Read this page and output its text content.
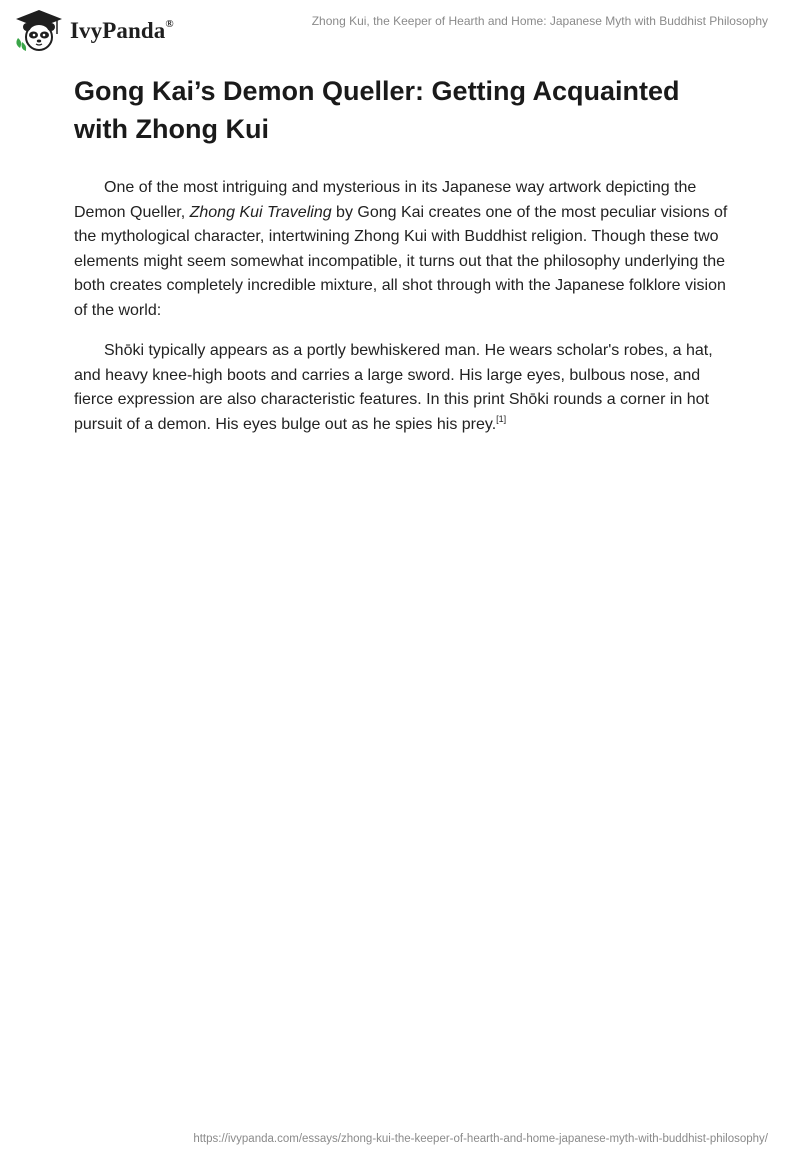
IvyPanda®	Zhong Kui, the Keeper of Hearth and Home: Japanese Myth with Buddhist Philosophy
Gong Kai’s Demon Queller: Getting Acquainted with Zhong Kui

One of the most intriguing and mysterious in its Japanese way artwork depicting the Demon Queller, Zhong Kui Traveling by Gong Kai creates one of the most peculiar visions of the mythological character, intertwining Zhong Kui with Buddhist religion. Though these two elements might seem somewhat incompatible, it turns out that the philosophy underlying the both creates completely incredible mixture, all shot through with the Japanese folklore vision of the world:

Shōki typically appears as a portly bewhiskered man. He wears scholar's robes, a hat, and heavy knee-high boots and carries a large sword. His large eyes, bulbous nose, and fierce expression are also characteristic features. In this print Shōki rounds a corner in hot pursuit of a demon. His eyes bulge out as he spies his prey.[1]

https://ivypanda.com/essays/zhong-kui-the-keeper-of-hearth-and-home-japanese-myth-with-buddhist-philosophy/
